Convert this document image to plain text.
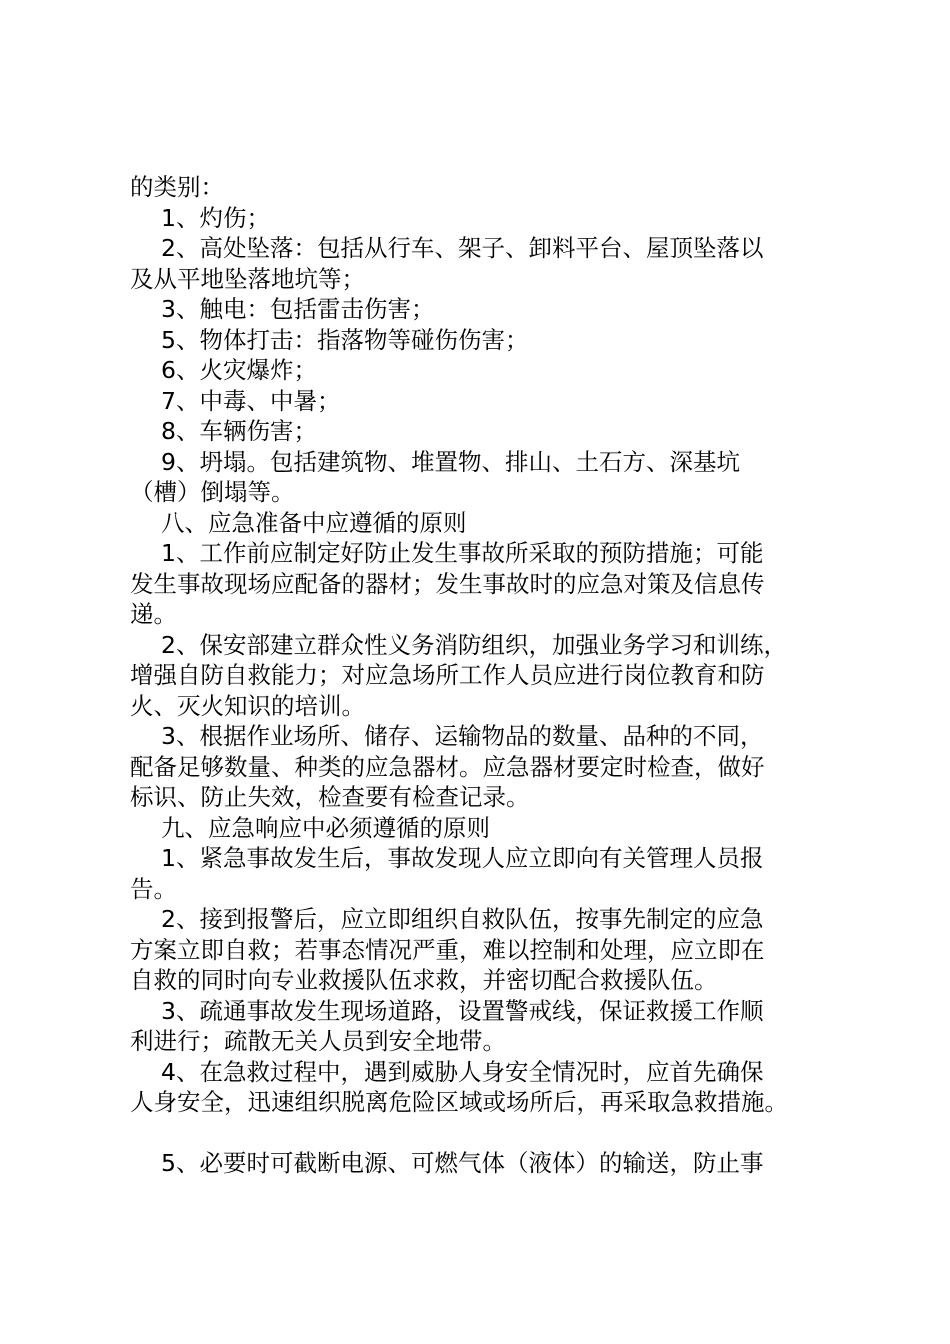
的类别：
1、灼伤；
2、高处坠落：包括从行车、架子、卸料平台、屋顶坠落以
及从平地坠落地坑等；
3、触电：包括雷击伤害；
5、物体打击：指落物等碰伤伤害；
6、火灾爆炸；
7、中毒、中暑；
8、车辆伤害；
9、坍塌。包括建筑物、堆置物、排山、土石方、深基坑
（槽）倒塌等。
八、应急准备中应遵循的原则
1、工作前应制定好防止发生事故所采取的预防措施；可能
发生事故现场应配备的器材；发生事故时的应急对策及信息传
递。
2、保安部建立群众性义务消防组织，加强业务学习和训练，
增强自防自救能力；对应急场所工作人员应进行岗位教育和防
火、灭火知识的培训。
3、根据作业场所、储存、运输物品的数量、品种的不同，
配备足够数量、种类的应急器材。应急器材要定时检查，做好
标识、防止失效，检查要有检查记录。
九、应急响应中必须遵循的原则
1、紧急事故发生后，事故发现人应立即向有关管理人员报
告。
2、接到报警后，应立即组织自救队伍，按事先制定的应急
方案立即自救；若事态情况严重，难以控制和处理，应立即在
自救的同时向专业救援队伍求救，并密切配合救援队伍。
3、疏通事故发生现场道路，设置警戒线，保证救援工作顺
利进行；疏散无关人员到安全地带。
4、在急救过程中，遇到威胁人身安全情况时，应首先确保
人身安全，迅速组织脱离危险区域或场所后，再采取急救措施。
5、必要时可截断电源、可燃气体（液体）的输送，防止事
